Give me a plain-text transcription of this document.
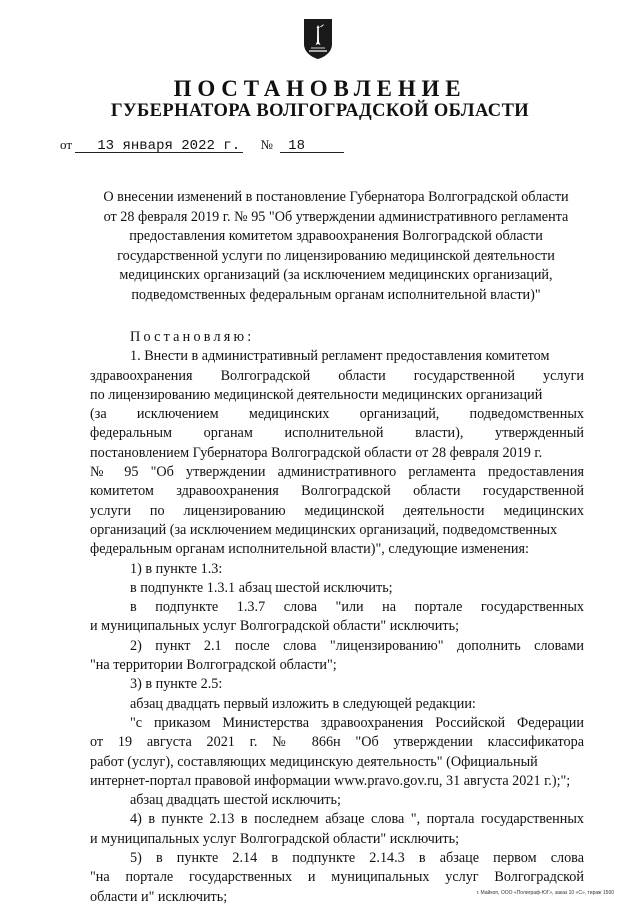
ПОСТАНОВЛЕНИЕ
ГУБЕРНАТОРА ВОЛГОГРАДСКОЙ ОБЛАСТИ
от 13 января 2022 г. № 18
О внесении изменений в постановление Губернатора Волгоградской области
от 28 февраля 2019 г. № 95 "Об утверждении административного регламента
предоставления комитетом здравоохранения Волгоградской области
государственной услуги по лицензированию медицинской деятельности
медицинских организаций (за исключением медицинских организаций,
подведомственных федеральным органам исполнительной власти)"
Постановляю:
1. Внести в административный регламент предоставления комитетом
здравоохранения Волгоградской области государственной услуги
по лицензированию медицинской деятельности медицинских организаций
(за исключением медицинских организаций, подведомственных
федеральным органам исполнительной власти), утвержденный
постановлением Губернатора Волгоградской области от 28 февраля 2019 г.
№ 95 "Об утверждении административного регламента предоставления
комитетом здравоохранения Волгоградской области государственной
услуги по лицензированию медицинской деятельности медицинских
организаций (за исключением медицинских организаций, подведомственных
федеральным органам исполнительной власти)", следующие изменения:
1) в пункте 1.3:
в подпункте 1.3.1 абзац шестой исключить;
в подпункте 1.3.7 слова "или на портале государственных
и муниципальных услуг Волгоградской области" исключить;
2) пункт 2.1 после слова "лицензированию" дополнить словами
"на территории Волгоградской области";
3) в пункте 2.5:
абзац двадцать первый изложить в следующей редакции:
"с приказом Министерства здравоохранения Российской Федерации
от 19 августа 2021 г. № 866н "Об утверждении классификатора
работ (услуг), составляющих медицинскую деятельность" (Официальный
интернет-портал правовой информации www.pravo.gov.ru, 31 августа 2021 г.);";
абзац двадцать шестой исключить;
4) в пункте 2.13 в последнем абзаце слова ", портала государственных
и муниципальных услуг Волгоградской области" исключить;
5) в пункте 2.14 в подпункте 2.14.3 в абзаце первом слова
"на портале государственных и муниципальных услуг Волгоградской
области и" исключить;	г. Майкоп, ООО «Полиграф-ЮГ», заказ 10 «С», тираж 1500
